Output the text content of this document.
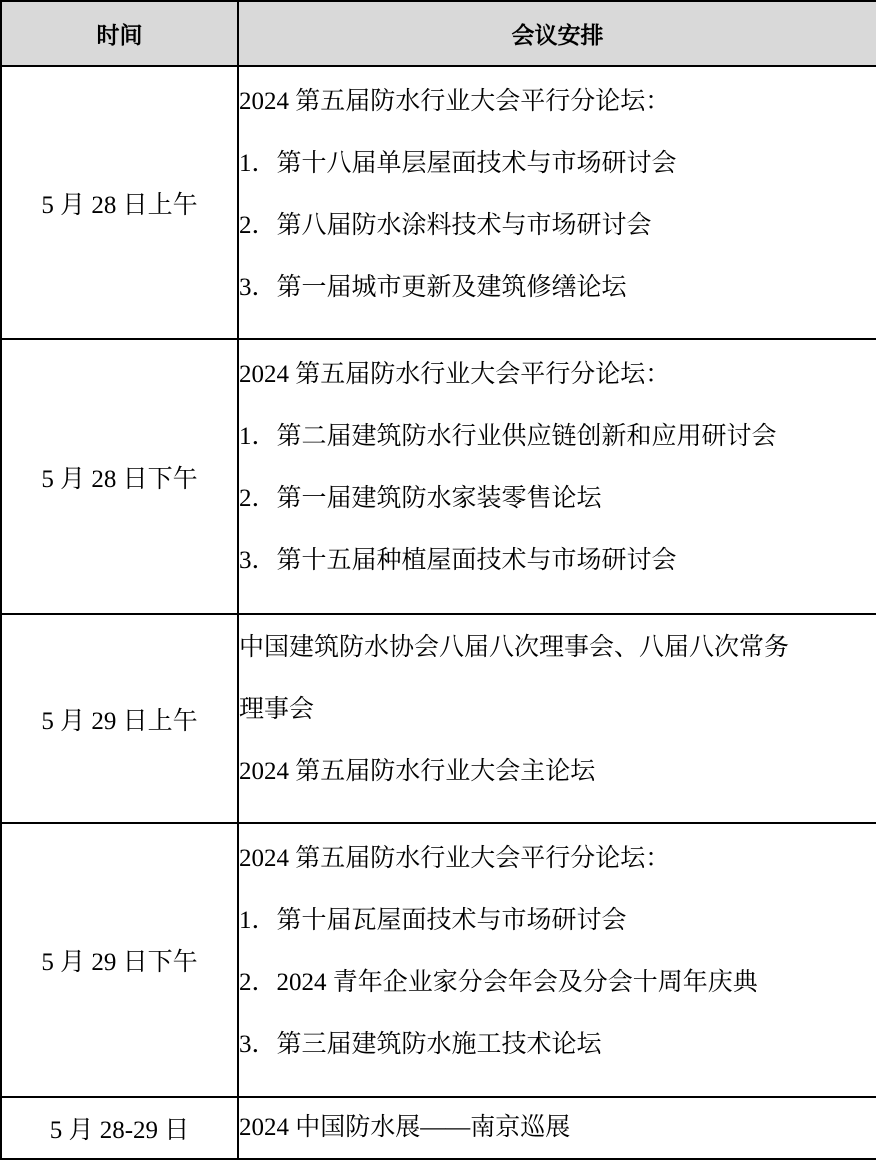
时间	会议安排
5 月 28 日上午	2024 第五届防水行业大会平行分论坛：
1．第十八届单层屋面技术与市场研讨会
2．第八届防水涂料技术与市场研讨会
3．第一届城市更新及建筑修缮论坛

5 月 28 日下午	2024 第五届防水行业大会平行分论坛：
1．第二届建筑防水行业供应链创新和应用研讨会
2．第一届建筑防水家装零售论坛
3．第十五届种植屋面技术与市场研讨会

5 月 29 日上午	中国建筑防水协会八届八次理事会、八届八次常务
理事会
2024 第五届防水行业大会主论坛

5 月 29 日下午	2024 第五届防水行业大会平行分论坛：
1．第十届瓦屋面技术与市场研讨会
2．2024 青年企业家分会年会及分会十周年庆典
3．第三届建筑防水施工技术论坛

5 月 28-29 日	2024 中国防水展——南京巡展
